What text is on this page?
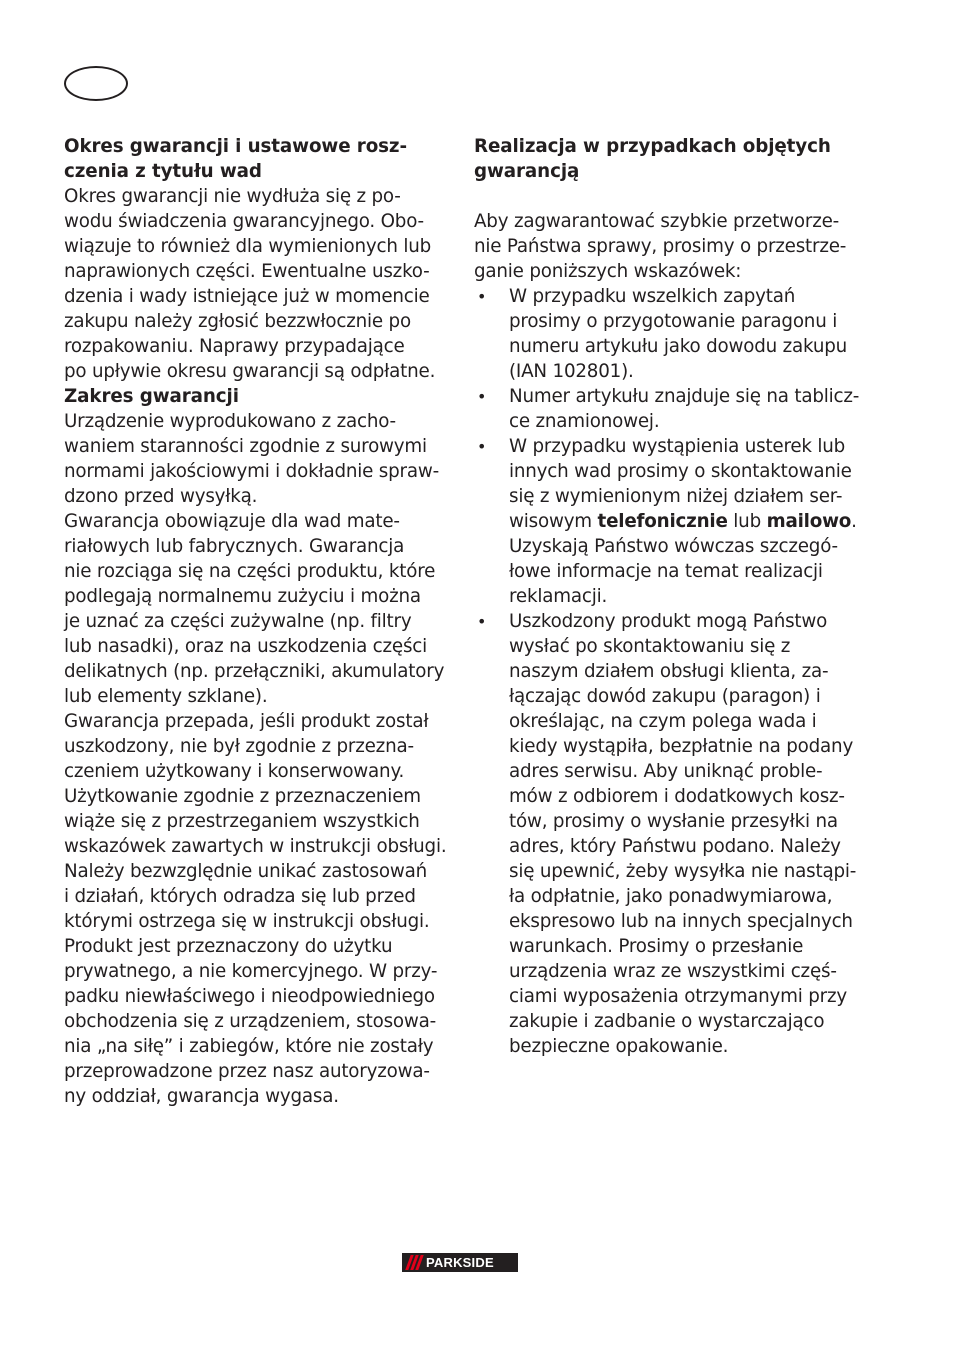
Okres gwarancji i ustawowe rosz-
czenia z tytułu wad
Okres gwarancji nie wydłuża się z po-
wodu świadczenia gwarancyjnego. Obo-
wiązuje to również dla wymienionych lub
naprawionych części. Ewentualne uszko-
dzenia i wady istniejące już w momencie
zakupu należy zgłosić bezzwłocznie po
rozpakowaniu. Naprawy przypadające
po upływie okresu gwarancji są odpłatne.
Zakres gwarancji
Urządzenie wyprodukowano z zacho-
waniem staranności zgodnie z surowymi
normami jakościowymi i dokładnie spraw-
dzono przed wysyłką.
Gwarancja obowiązuje dla wad mate-
riałowych lub fabrycznych. Gwarancja
nie rozciąga się na części produktu, które
podlegają normalnemu zużyciu i można
je uznać za części zużywalne (np. filtry
lub nasadki), oraz na uszkodzenia części
delikatnych (np. przełączniki, akumulatory
lub elementy szklane).
Gwarancja przepada, jeśli produkt został
uszkodzony, nie był zgodnie z przezna-
czeniem użytkowany i konserwowany.
Użytkowanie zgodnie z przeznaczeniem
wiąże się z przestrzeganiem wszystkich
wskazówek zawartych w instrukcji obsługi.
Należy bezwzględnie unikać zastosowań
i działań, których odradza się lub przed
którymi ostrzega się w instrukcji obsługi.
Produkt jest przeznaczony do użytku
prywatnego, a nie komercyjnego. W przy-
padku niewłaściwego i nieodpowiedniego
obchodzenia się z urządzeniem, stosowa-
nia „na siłę” i zabiegów, które nie zostały
przeprowadzone przez nasz autoryzowa-
ny oddział, gwarancja wygasa.
Realizacja w przypadkach objętych
gwarancją
Aby zagwarantować szybkie przetworze-
nie Państwa sprawy, prosimy o przestrze-
ganie poniższych wskazówek:
•	W przypadku wszelkich zapytań
prosimy o przygotowanie paragonu i
numeru artykułu jako dowodu zakupu
(IAN 102801).
•	Numer artykułu znajduje się na tablicz-
ce znamionowej.
•	W przypadku wystąpienia usterek lub
innych wad prosimy o skontaktowanie
się z wymienionym niżej działem ser-
wisowym telefonicznie lub mailowo.
Uzyskają Państwo wówczas szczegó-
łowe informacje na temat realizacji
reklamacji.
•	Uszkodzony produkt mogą Państwo
wysłać po skontaktowaniu się z
naszym działem obsługi klienta, za-
łączając dowód zakupu (paragon) i
określając, na czym polega wada i
kiedy wystąpiła, bezpłatnie na podany
adres serwisu. Aby uniknąć proble-
mów z odbiorem i dodatkowych kosz-
tów, prosimy o wysłanie przesyłki na
adres, który Państwu podano. Należy
się upewnić, żeby wysyłka nie nastąpi-
ła odpłatnie, jako ponadwymiarowa,
ekspresowo lub na innych specjalnych
warunkach. Prosimy o przesłanie
urządzenia wraz ze wszystkimi częś-
ciami wyposażenia otrzymanymi przy
zakupie i zadbanie o wystarczająco
bezpieczne opakowanie.
PARKSIDE
